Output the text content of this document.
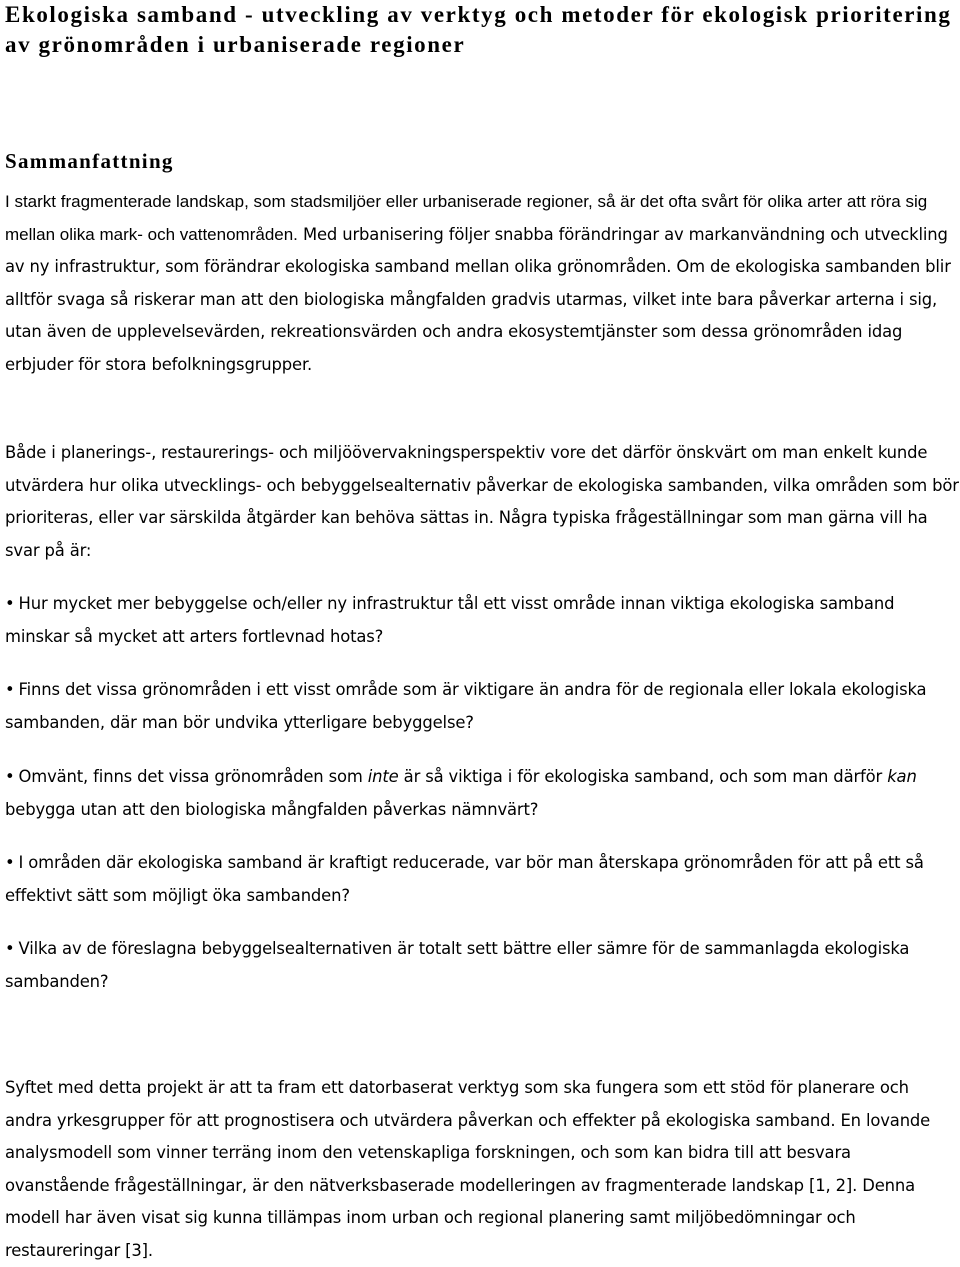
Ekologiska samband - utveckling av verktyg och metoder för ekologisk prioritering av grönområden i urbaniserade regioner
Sammanfattning

I starkt fragmenterade landskap, som stadsmiljöer eller urbaniserade regioner, så är det ofta svårt för olika arter att röra sig mellan olika mark- och vattenområden. Med urbanisering följer snabba förändringar av markanvändning och utveckling av ny infrastruktur, som förändrar ekologiska samband mellan olika grönområden. Om de ekologiska sambanden blir alltför svaga så riskerar man att den biologiska mångfalden gradvis utarmas, vilket inte bara påverkar arterna i sig, utan även de upplevelsevärden, rekreationsvärden och andra ekosystemtjänster som dessa grönområden idag erbjuder för stora befolkningsgrupper.

Både i planerings-, restaurerings- och miljöövervakningsperspektiv vore det därför önskvärt om man enkelt kunde utvärdera hur olika utvecklings- och bebyggelsealternativ påverkar de ekologiska sambanden, vilka områden som bör prioriteras, eller var särskilda åtgärder kan behöva sättas in. Några typiska frågeställningar som man gärna vill ha svar på är:

• Hur mycket mer bebyggelse och/eller ny infrastruktur tål ett visst område innan viktiga ekologiska samband minskar så mycket att arters fortlevnad hotas?

• Finns det vissa grönområden i ett visst område som är viktigare än andra för de regionala eller lokala ekologiska sambanden, där man bör undvika ytterligare bebyggelse?

• Omvänt, finns det vissa grönområden som inte är så viktiga i för ekologiska samband, och som man därför kan bebygga utan att den biologiska mångfalden påverkas nämnvärt?

• I områden där ekologiska samband är kraftigt reducerade, var bör man återskapa grönområden för att på ett så effektivt sätt som möjligt öka sambanden?

• Vilka av de föreslagna bebyggelsealternativen är totalt sett bättre eller sämre för de sammanlagda ekologiska sambanden?

Syftet med detta projekt är att ta fram ett datorbaserat verktyg som ska fungera som ett stöd för planerare och andra yrkesgrupper för att prognostisera och utvärdera påverkan och effekter på ekologiska samband. En lovande analysmodell som vinner terräng inom den vetenskapliga forskningen, och som kan bidra till att besvara ovanstående frågeställningar, är den nätverksbaserade modelleringen av fragmenterade landskap [1, 2]. Denna modell har även visat sig kunna tillämpas inom urban och regional planering samt miljöbedömningar och restaureringar [3].
